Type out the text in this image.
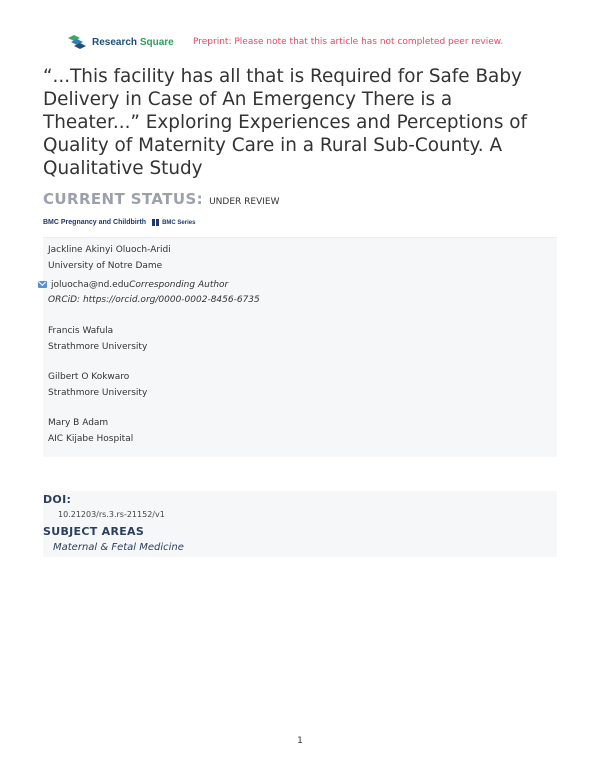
Research Square Preprint: Please note that this article has not completed peer review.
“...This facility has all that is Required for Safe Baby
Delivery in Case of An Emergency There is a
Theater...” Exploring Experiences and Perceptions of
Quality of Maternity Care in a Rural Sub-County. A
Qualitative Study
CURRENT STATUS: UNDER REVIEW
BMC Pregnancy and Childbirth	BMC Series
Jackline Akinyi Oluoch-Aridi
University of Notre Dame
joluocha@nd.eduCorresponding Author
ORCiD: https://orcid.org/0000-0002-8456-6735
Francis Wafula
Strathmore University
Gilbert O Kokwaro
Strathmore University
Mary B Adam
AIC Kijabe Hospital
DOI:
10.21203/rs.3.rs-21152/v1
SUBJECT AREAS
Maternal & Fetal Medicine
1
